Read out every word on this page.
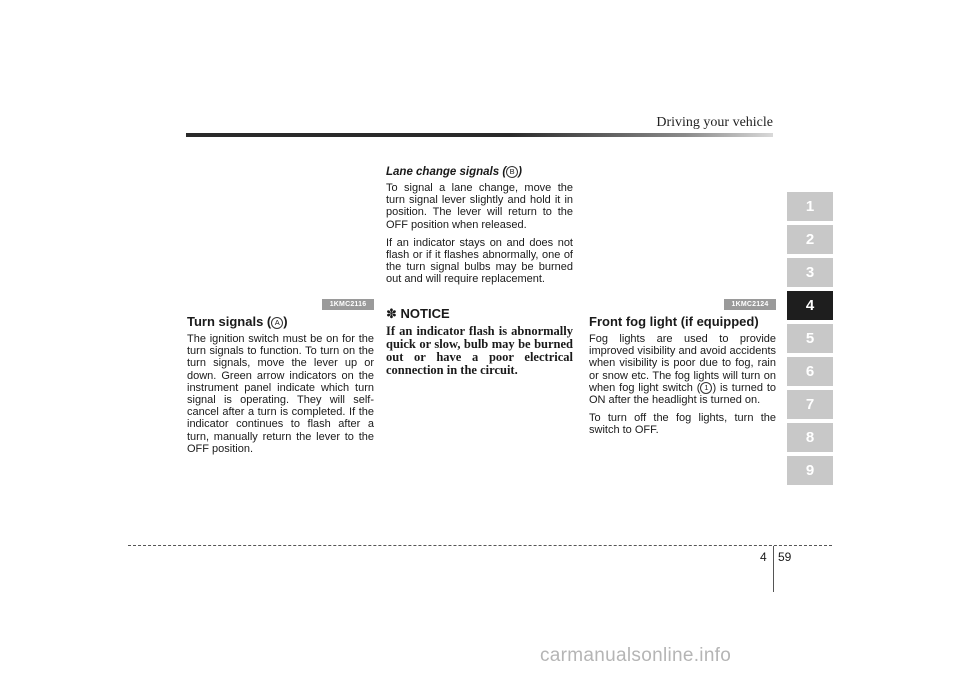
Driving your vehicle
1KMC2116
Turn signals ( A )

The ignition switch must be on for the turn signals to function. To turn on the turn signals, move the lever up or down. Green arrow indicators on the instrument panel indicate which turn signal is operating. They will self-cancel after a turn is completed. If the indicator continues to flash after a turn, manually return the lever to the OFF position.

Lane change signals ( B )

To signal a lane change, move the turn signal lever slightly and hold it in position. The lever will return to the OFF position when released.

If an indicator stays on and does not flash or if it flashes abnormally, one of the turn signal bulbs may be burned out and will require replacement.

✽ NOTICE

If an indicator flash is abnormally quick or slow, bulb may be burned out or have a poor electrical connection in the circuit.

1KMC2124
Front fog light (if equipped)

Fog lights are used to provide improved visibility and avoid accidents when visibility is poor due to fog, rain or snow etc. The fog lights will turn on when fog light switch ( 1 ) is turned to ON after the headlight is turned on.

To turn off the fog lights, turn the switch to OFF.

1
2
3
4
5
6
7
8
9
4 59
carmanualsonline.info
